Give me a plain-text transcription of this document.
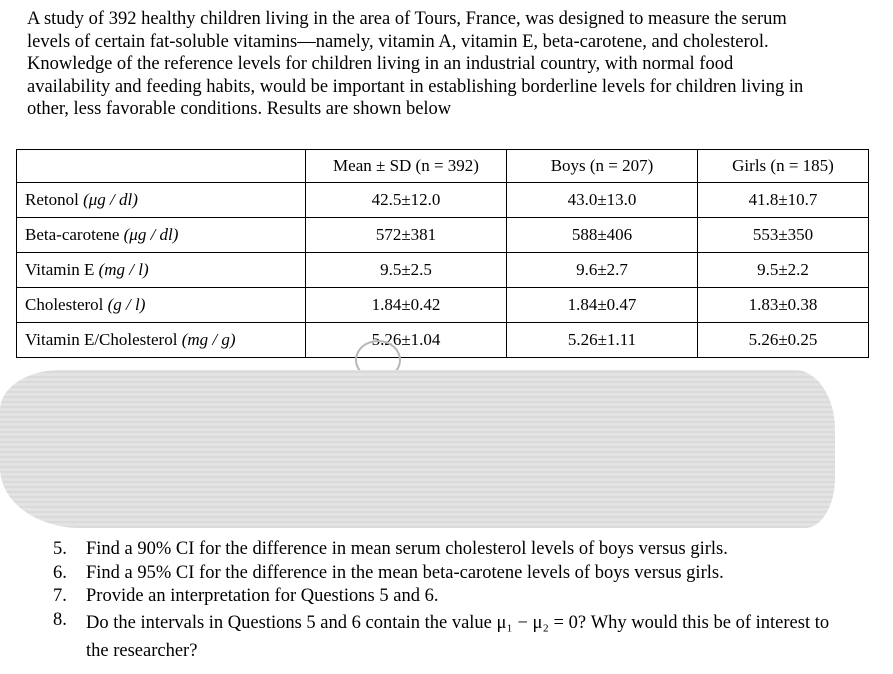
A study of 392 healthy children living in the area of Tours, France, was designed to measure the serum levels of certain fat-soluble vitamins—namely, vitamin A, vitamin E, beta-carotene, and cholesterol. Knowledge of the reference levels for children living in an industrial country, with normal food availability and feeding habits, would be important in establishing borderline levels for children living in other, less favorable conditions. Results are shown below

	Mean ± SD (n = 392)	Boys (n = 207)	Girls (n = 185)
Retonol (μg / dl)	42.5±12.0	43.0±13.0	41.8±10.7
Beta-carotene (μg / dl)	572±381	588±406	553±350
Vitamin E (mg / l)	9.5±2.5	9.6±2.7	9.5±2.2
Cholesterol (g / l)	1.84±0.42	1.84±0.47	1.83±0.38
Vitamin E/Cholesterol (mg / g)	5.26±1.04	5.26±1.11	5.26±0.25
5.	Find a 90% CI for the difference in mean serum cholesterol levels of boys versus girls.
6.	Find a 95% CI for the difference in the mean beta-carotene levels of boys versus girls.
7.	Provide an interpretation for Questions 5 and 6.
8.	Do the intervals in Questions 5 and 6 contain the value μ₁ − μ₂ = 0? Why would this be of interest to the researcher?
